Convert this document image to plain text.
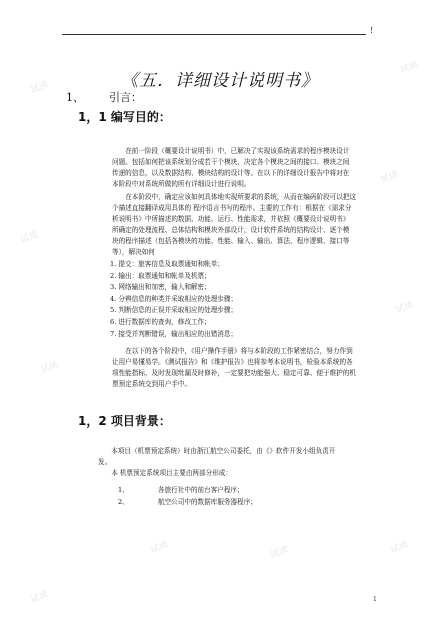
!
《五．详细设计说明书》
1、 引言：
1，1 编写目的：

在前一阶段（概要设计说明书）中，已解决了实现该系统需求的程序模块设计

问题。包括如何把该系统划分成若干个模块、决定各个模块之间的接口、模块之间

传递的信息，以及数据结构、模块结构的设计等。在以下的详细设计报告中将对在

本阶段中对系统所做的所有详细设计进行说明。

在本阶段中，确定应该如何具体地实现所要求的系统，从而在编码阶段可以把这

个描述直接翻译成用具体的 程序语言书写的程序。主要的工作有：根据在《需求分

析说明书》中所描述的数据、功能、运行、性能需求，并依照《概要设计说明书》

所确定的处理流程、总体结构和模块外部设计，设计软件系统的结构设计、逐个模

块的程序描述（包括各模块的功能、性能、输入、输出、算法、程序逻辑、接口等

等），解决如何

1. 提交：旅客信息及取票通知和帐单；
2. 输出：取票通知和帐单及机票；
3. 网络输出和加密，输入和解密；
4. 分辨信息的种类并采取相应的处理步骤；
5. 判断信息的正误并采取相应的处理步骤；
6. 进行数据库的查询，修改工作；
7. 接受并判断错误，输出相应的出错消息；

在以下的各个阶段中，《用户操作手册》将与本阶段的工作紧密结合，努力作到

让用户易懂易学。《测试报告》和《维护报告》也将参考本说明书，检验本系统的各

项性能指标，及时发现纰漏及时修补，一定要把功能强大、稳定可靠、便于维护的机

票预定系统交到用户手中。

1，2 项目背景：

本项目（机票预定系统）时由浙江航空公司委托，由《》软件开发小组负责开

发。

本 机票预定系统项目主要由两部分形成：

1、	各旅行社中的前台客户程序；
2、	航空公司中的数据库服务器程序；
1
试读
试读
试读
试读
试读
试读
试读	试读	试读
试读
